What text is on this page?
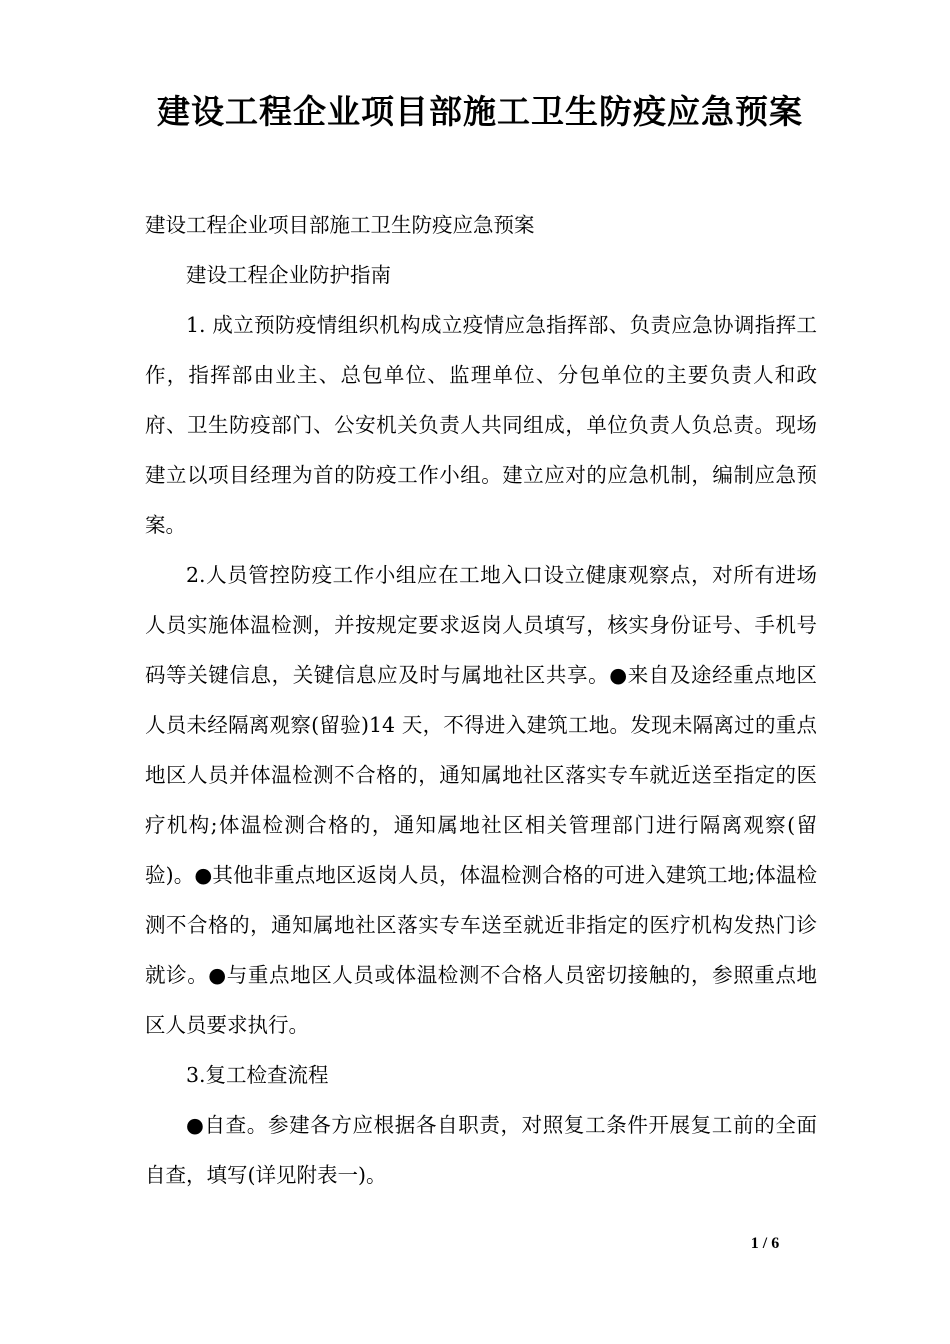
建设工程企业项目部施工卫生防疫应急预案

建设工程企业项目部施工卫生防疫应急预案

建设工程企业防护指南

1. 成立预防疫情组织机构成立疫情应急指挥部、负责应急协调指挥工作，指挥部由业主、总包单位、监理单位、分包单位的主要负责人和政府、卫生防疫部门、公安机关负责人共同组成，单位负责人负总责。现场建立以项目经理为首的防疫工作小组。建立应对的应急机制，编制应急预案。

2.人员管控防疫工作小组应在工地入口设立健康观察点，对所有进场人员实施体温检测，并按规定要求返岗人员填写，核实身份证号、手机号码等关键信息，关键信息应及时与属地社区共享。●来自及途经重点地区人员未经隔离观察(留验)14 天，不得进入建筑工地。发现未隔离过的重点地区人员并体温检测不合格的，通知属地社区落实专车就近送至指定的医疗机构;体温检测合格的，通知属地社区相关管理部门进行隔离观察(留验)。●其他非重点地区返岗人员，体温检测合格的可进入建筑工地;体温检测不合格的，通知属地社区落实专车送至就近非指定的医疗机构发热门诊就诊。●与重点地区人员或体温检测不合格人员密切接触的，参照重点地区人员要求执行。

3.复工检查流程

●自查。参建各方应根据各自职责，对照复工条件开展复工前的全面自查，填写(详见附表一)。

1 / 6
